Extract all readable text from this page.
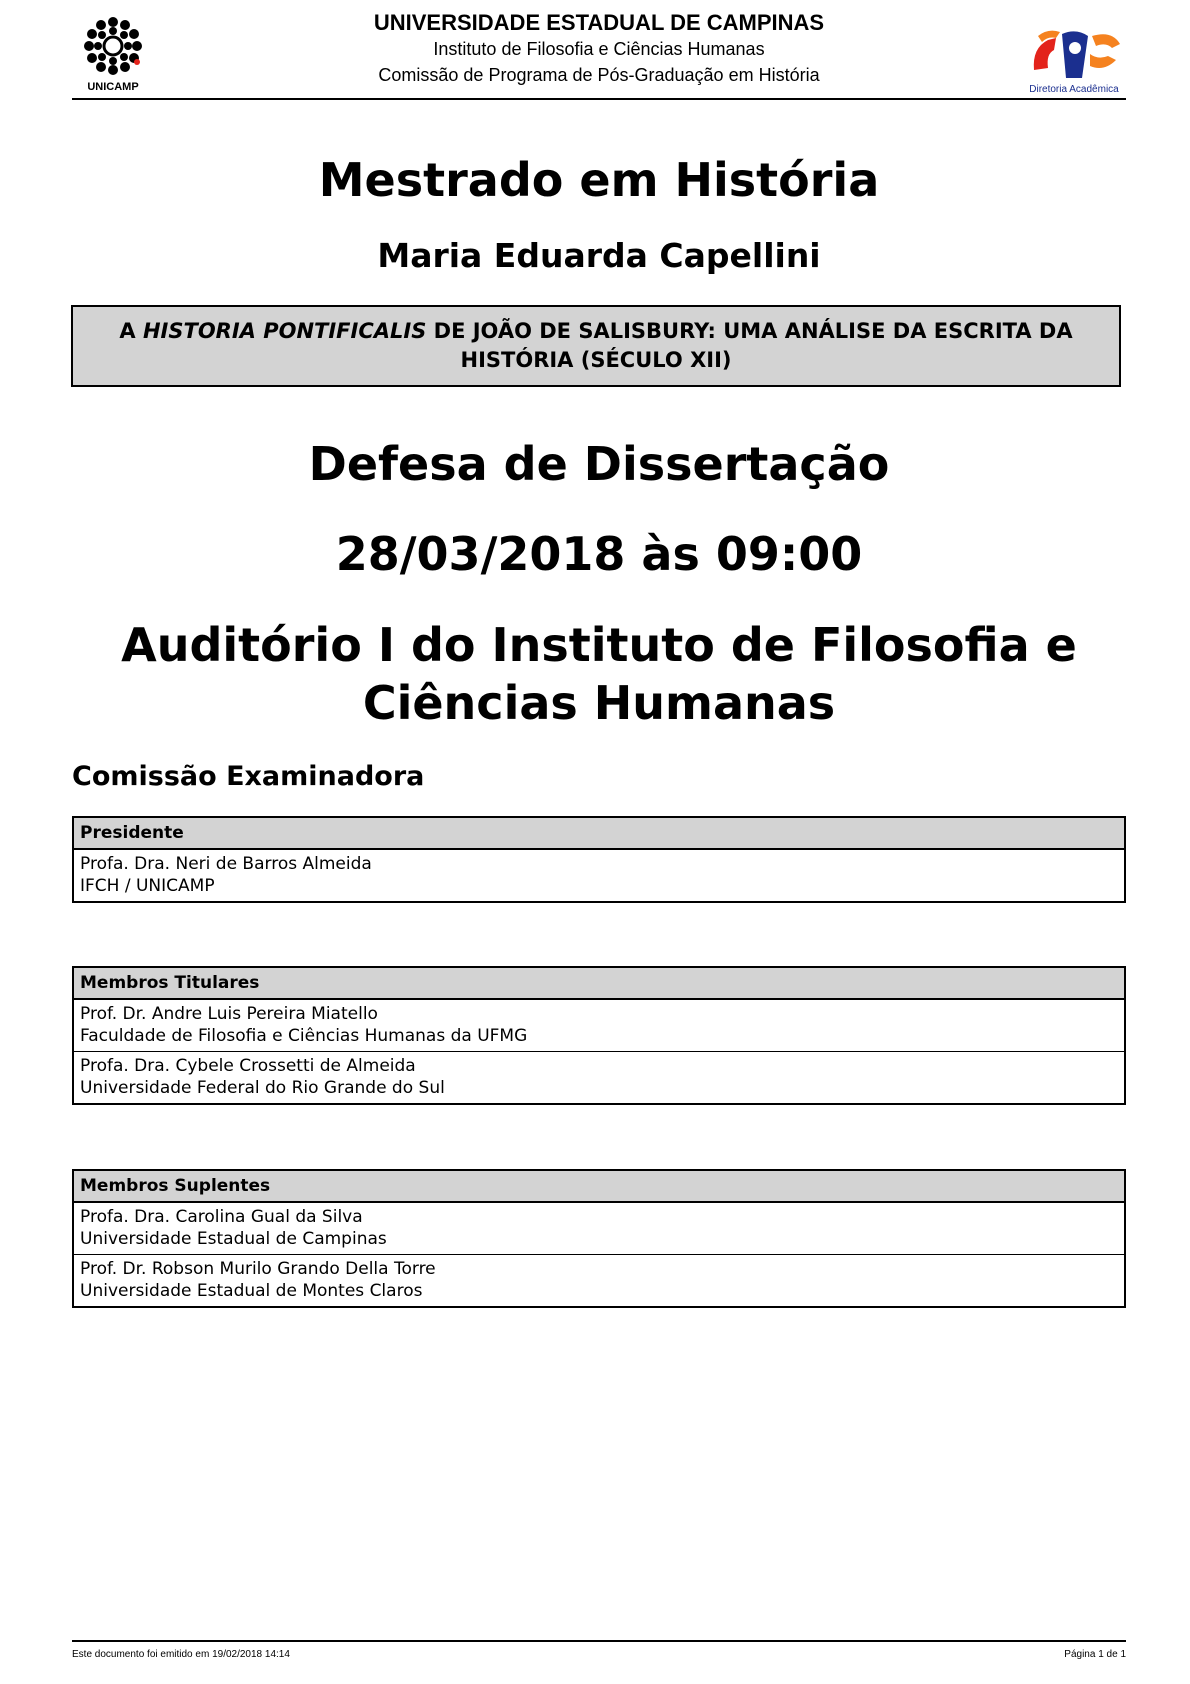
UNICAMP
UNIVERSIDADE ESTADUAL DE CAMPINAS
Instituto de Filosofia e Ciências Humanas
Comissão de Programa de Pós-Graduação em História
Diretoria Acadêmica
Mestrado em História
Maria Eduarda Capellini
A HISTORIA PONTIFICALIS DE JOÃO DE SALISBURY: UMA ANÁLISE DA ESCRITA DA HISTÓRIA (SÉCULO XII)
Defesa de Dissertação
28/03/2018 às 09:00
Auditório I do Instituto de Filosofia e Ciências Humanas
Comissão Examinadora
Presidente

Profa. Dra. Neri de Barros Almeida
IFCH / UNICAMP
Membros Titulares

Prof. Dr. Andre Luis Pereira Miatello
Faculdade de Filosofia e Ciências Humanas da UFMG

Profa. Dra. Cybele Crossetti de Almeida
Universidade Federal do Rio Grande do Sul
Membros Suplentes

Profa. Dra. Carolina Gual da Silva
Universidade Estadual de Campinas

Prof. Dr. Robson Murilo Grando Della Torre
Universidade Estadual de Montes Claros
Este documento foi emitido em 19/02/2018 14:14	Página 1 de 1
